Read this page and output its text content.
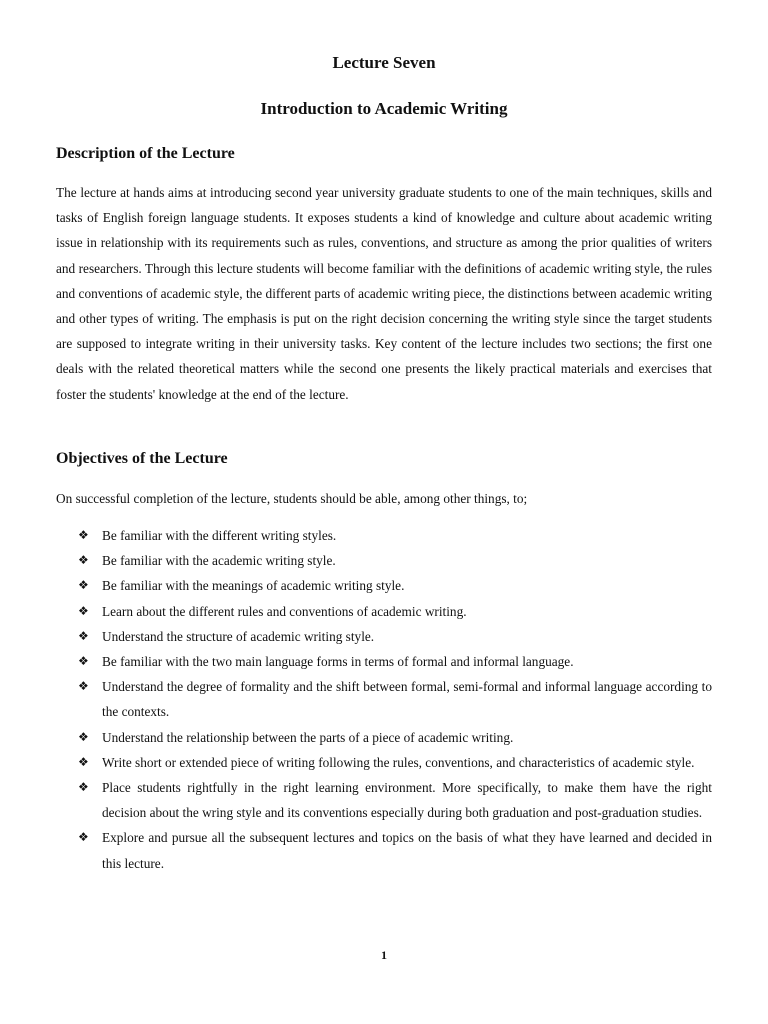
Lecture Seven
Introduction to Academic Writing
Description of the Lecture

The lecture at hands aims at introducing second year university graduate students to one of the main techniques, skills and tasks of English foreign language students. It exposes students a kind of knowledge and culture about academic writing issue in relationship with its requirements such as rules, conventions, and structure as among the prior qualities of writers and researchers. Through this lecture students will become familiar with the definitions of academic writing style, the rules and conventions of academic style, the different parts of academic writing piece, the distinctions between academic writing and other types of writing. The emphasis is put on the right decision concerning the writing style since the target students are supposed to integrate writing in their university tasks. Key content of the lecture includes two sections; the first one deals with the related theoretical matters while the second one presents the likely practical materials and exercises that foster the students' knowledge at the end of the lecture.

Objectives of the Lecture

On successful completion of the lecture, students should be able, among other things, to;

❖ Be familiar with the different writing styles.
❖ Be familiar with the academic writing style.
❖ Be familiar with the meanings of academic writing style.
❖ Learn about the different rules and conventions of academic writing.
❖ Understand the structure of academic writing style.
❖ Be familiar with the two main language forms in terms of formal and informal language.
❖ Understand the degree of formality and the shift between formal, semi-formal and informal language according to the contexts.
❖ Understand the relationship between the parts of a piece of academic writing.
❖ Write short or extended piece of writing following the rules, conventions, and characteristics of academic style.
❖ Place students rightfully in the right learning environment. More specifically, to make them have the right decision about the wring style and its conventions especially during both graduation and post-graduation studies.
❖ Explore and pursue all the subsequent lectures and topics on the basis of what they have learned and decided in this lecture.
1
